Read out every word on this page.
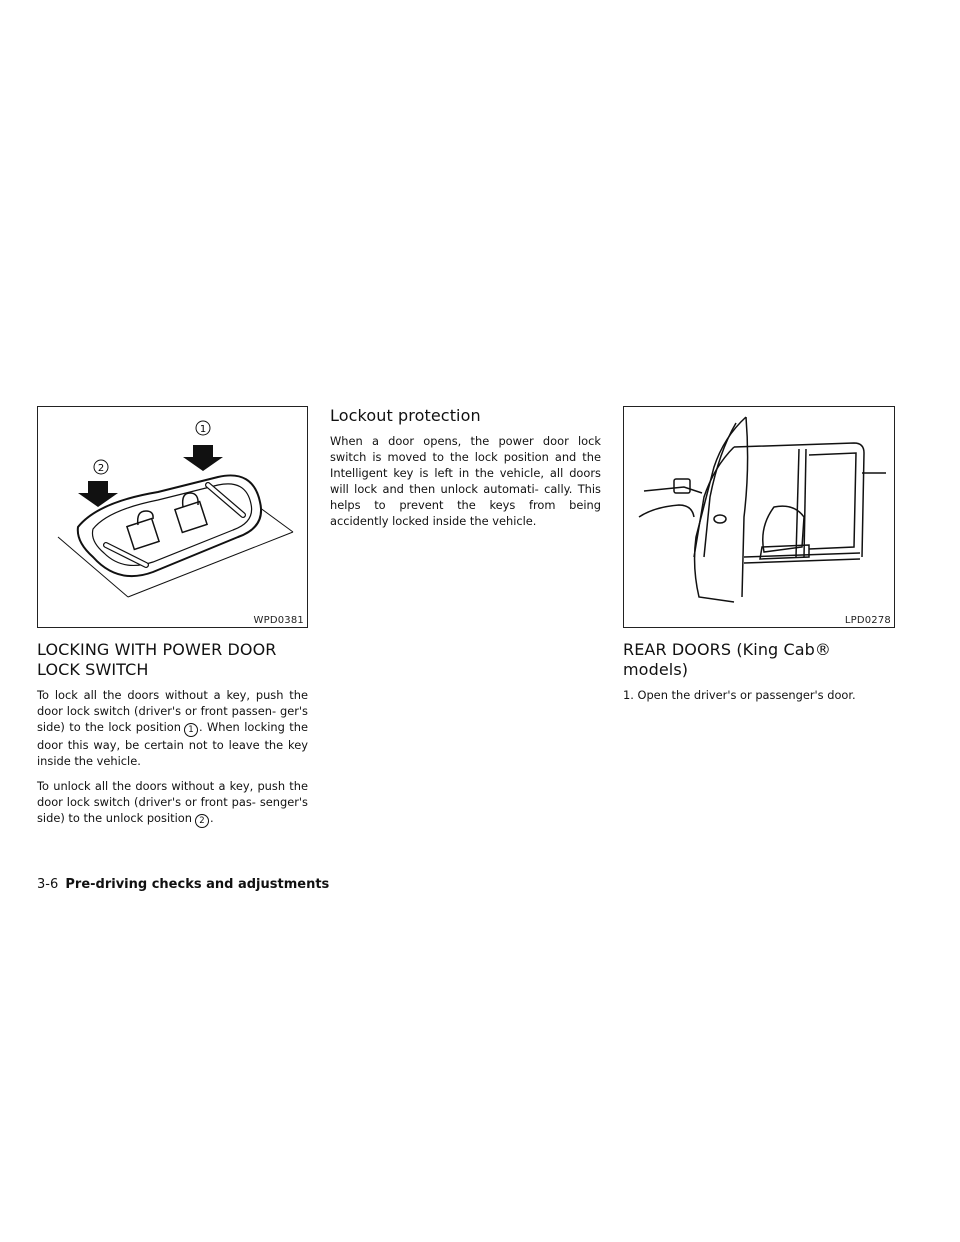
1
2
WPD0381
LOCKING WITH POWER DOOR
LOCK SWITCH

To lock all the doors without a key, push the door lock switch (driver's or front passen- ger's side) to the lock position 1 . When locking the door this way, be certain not to leave the key inside the vehicle.

To unlock all the doors without a key, push the door lock switch (driver's or front pas- senger's side) to the unlock position 2 .

Lockout protection

When a door opens, the power door lock switch is moved to the lock position and the Intelligent key is left in the vehicle, all doors will lock and then unlock automati- cally. This helps to prevent the keys from being accidently locked inside the vehicle.

LPD0278
REAR DOORS (King Cab® models)

1. Open the driver's or passenger's door.

3-6 Pre-driving checks and adjustments
